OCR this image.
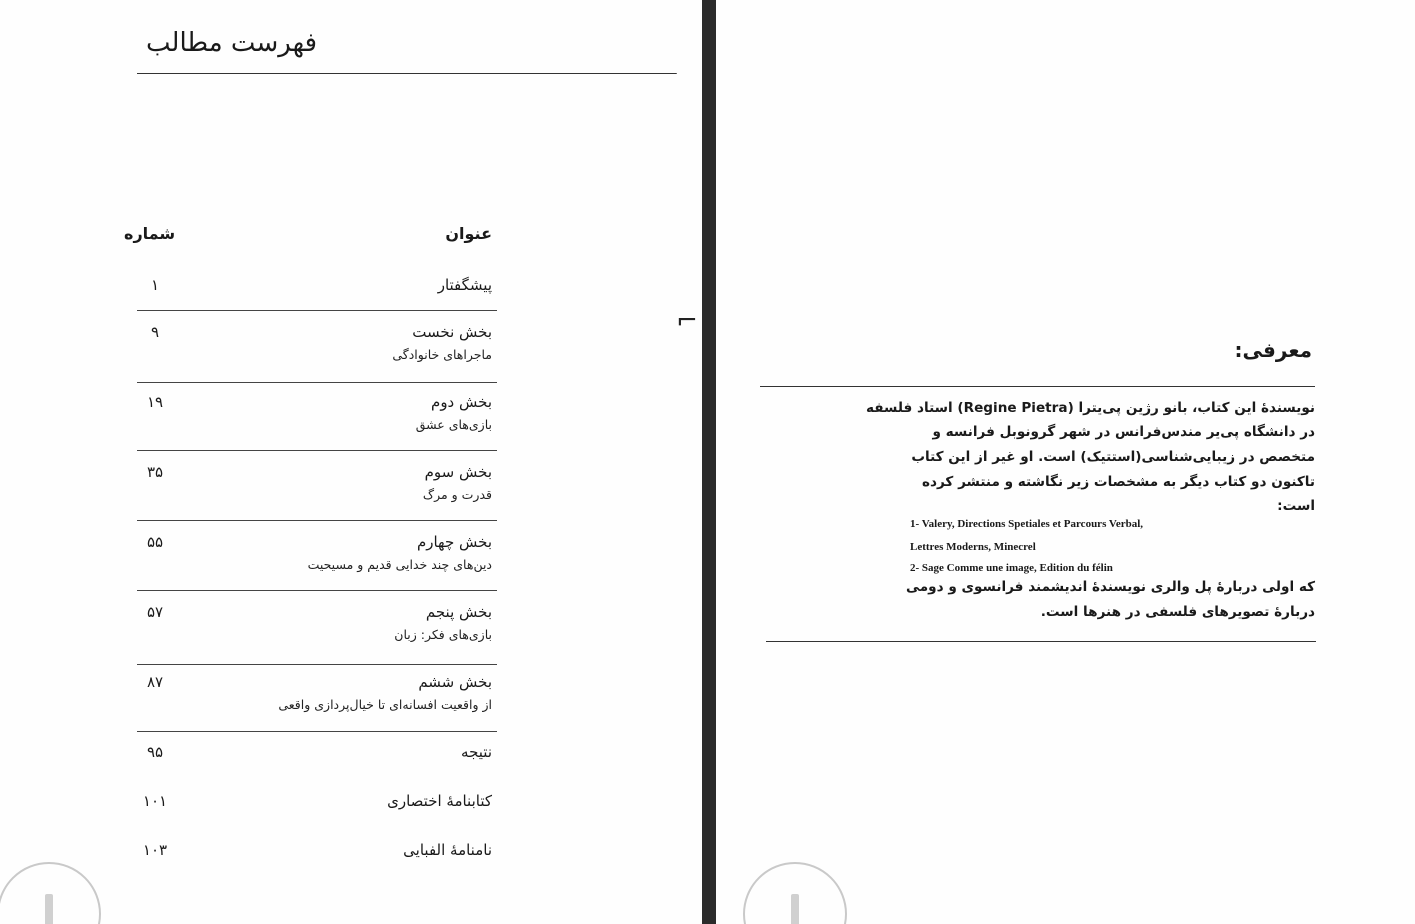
فهرست مطالب
عنوان
شماره
پیشگفتار
۱
بخش نخست
ماجراهای خانوادگی
۹
بخش دوم
بازی‌های عشق
۱۹
بخش سوم
قدرت و مرگ
۳۵
بخش چهارم
دین‌های چند خدایی قدیم و مسیحیت
۵۵
بخش پنجم
بازی‌های فکر: زبان
۵۷
بخش ششم
از واقعیت افسانه‌ای تا خیال‌پردازی واقعی
۸۷
نتیجه
۹۵
کتابنامهٔ اختصاری
۱۰۱
نامنامهٔ الفبایی
۱۰۳
⌐
معرفی:
نویسندهٔ این کتاب، بانو رژین پی‌یترا (Regine Pietra) استاد فلسفه
در دانشگاه پی‌یر مندس‌فرانس در شهر گرونوبل فرانسه و
متخصص در زیبایی‌شناسی(استتیک) است. او غیر از این کتاب
تاکنون دو کتاب دیگر به مشخصات زیر نگاشته و منتشر کرده
است:
1- Valery, Directions Spetiales et Parcours Verbal,
Lettres Moderns, Minecrel
2- Sage Comme une image, Edition du félin
که اولی دربارهٔ پل والری نویسندهٔ اندیشمند فرانسوی و دومی
دربارهٔ تصویرهای فلسفی در هنرها است.
